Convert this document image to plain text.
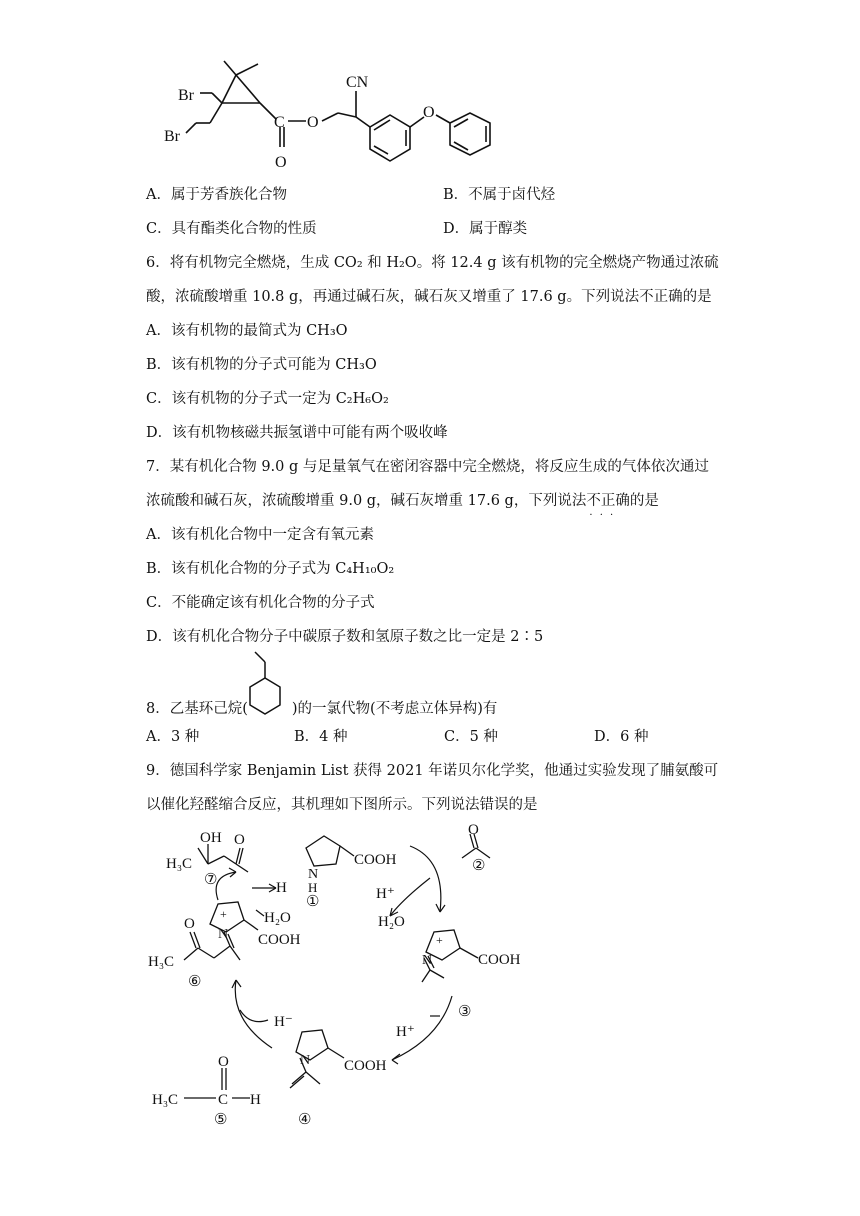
Br
Br
C
O
O
CN
O
A．属于芳香族化合物	B．不属于卤代烃
C．具有酯类化合物的性质	D．属于醇类
6．将有机物完全燃烧，生成 CO₂ 和 H₂O。将 12.4 g 该有机物的完全燃烧产物通过浓硫
酸，浓硫酸增重 10.8 g，再通过碱石灰，碱石灰又增重了 17.6 g。下列说法不正确的是
A．该有机物的最简式为 CH₃O
B．该有机物的分子式可能为 CH₃O
C．该有机物的分子式一定为 C₂H₆O₂
D．该有机物核磁共振氢谱中可能有两个吸收峰
7．某有机化合物 9.0 g 与足量氧气在密闭容器中完全燃烧，将反应生成的气体依次通过
浓硫酸和碱石灰，浓硫酸增重 9.0 g，碱石灰增重 17.6 g，下列说法不正确 · · ·的是
A．该有机化合物中一定含有氧元素
B．该有机化合物的分子式为 C₄H₁₀O₂
C．不能确定该有机化合物的分子式
D．该有机化合物分子中碳原子数和氢原子数之比一定是 2∶5
8．乙基环己烷(	)的一氯代物(不考虑立体异构)有
A．3 种	B．4 种	C．5 种	D．6 种
9．德国科学家 Benjamin List 获得 2021 年诺贝尔化学奖，他通过实验发现了脯氨酸可
以催化羟醛缩合反应，其机理如下图所示。下列说法错误的是
OH O
H₃C
⑦	N
H
COOH
①
O
②
H⁺
H₂O
N
+
COOH
③
H⁺
N COOH
④
H⁻
O
H₃C	C H
⑤
N
+
COOH
O
H₃C
⑥
H₂O
H
